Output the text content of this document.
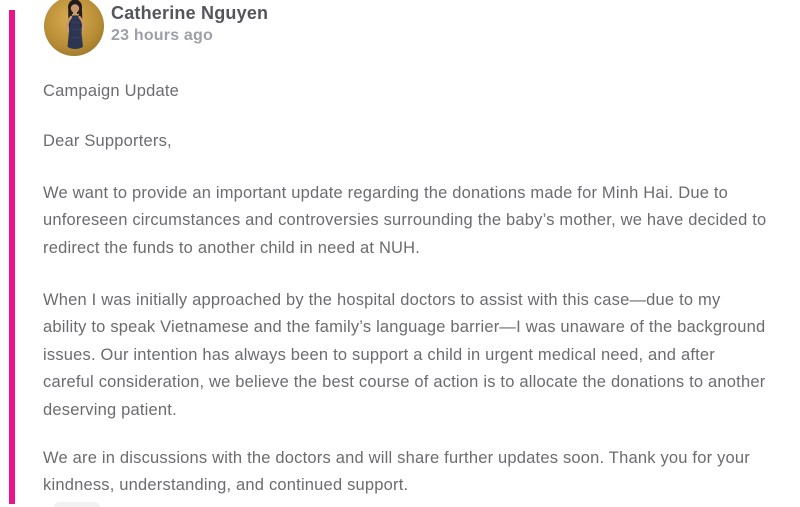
Catherine Nguyen
23 hours ago

Campaign Update

Dear Supporters,

We want to provide an important update regarding the donations made for Minh Hai. Due to unforeseen circumstances and controversies surrounding the baby’s mother, we have decided to redirect the funds to another child in need at NUH.

When I was initially approached by the hospital doctors to assist with this case—due to my ability to speak Vietnamese and the family’s language barrier—I was unaware of the background issues. Our intention has always been to support a child in urgent medical need, and after careful consideration, we believe the best course of action is to allocate the donations to another deserving patient.

We are in discussions with the doctors and will share further updates soon. Thank you for your kindness, understanding, and continued support.
